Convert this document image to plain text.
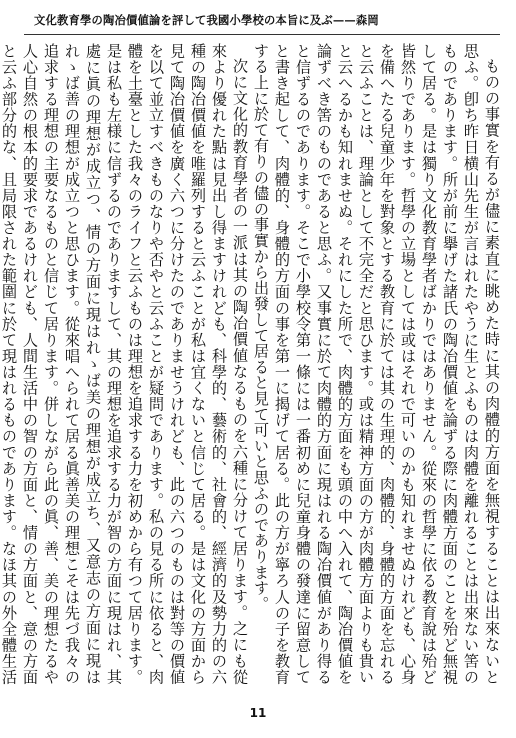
文化教育學の陶冶價値論を評して我國小學校の本旨に及ぶ——森岡

ものの事實を有るが儘に素直に眺めた時に其の肉體的方面を無視することは出來ないと思ふ。卽ち昨日横山先生が言はれたやうに生とふものは肉體を離れることは出來ない筈のものであります。所が前に擧げた諸氏の陶冶價値を論ずる際に肉體方面のことを殆ど無視して居る。是は獨り文化教育學者ばかりではありません。從來の哲學に依る教育說は殆ど皆然りであります。哲學の立場としては或はそれで可いのかも知れませぬけれども、心身を備へたる兒童少年を對象とする教育に於ては其の生理的、肉體的、身體的方面を忘れると云ふことは、理論として不完全だと思ひます。或は精神方面の方が肉體方面よりも貴いと云へるかも知れませぬ。それにした所で、肉體的方面をも頭の中へ入れて、陶冶價値を論ずべき筈のものであると思ふ。又事實に於て肉體的方面に現はれる陶冶價値があり得ると信ずるのであります。そこで小學校令第一條には一番初めに兒童身體の發達に留意してと書き起して、肉體的、身體的方面の事を第一に揭げて居る。此の方が寧ろ人の子を教育する上に於て有りの儘の事實から出發して居ると見て可いと思ふのであります。

次に文化的教育學者の一派は其の陶冶價値なるものを六種に分けて居ります。之にも從來より優れた點は見出し得ますけれども、科學的、藝術的、社會的、經濟的及勢力的の六種の陶冶價値を唯羅列すると云ふことが私は宜くないと信じて居る。是は文化の方面から見て陶冶價値を廣く六つに分けたのでありませうけれども、此の六つのものは對等の價値を以て並立すべきものなりや否やと云ふことが疑問であります。私の見る所に依ると、肉體を土臺とした我々のライフと云ふものは理想を追求する力を初めから有つて居ります。是は私も左様に信ずるのでありますして、其の理想を追求する力が智の方面に現はれ、其處に眞の理想が成立つ、情の方面に現はれゝば美の理想が成立ち、又意志の方面に現はれゝば善の理想が成立つと思ひます。從來唱へられて居る眞善美の理想こそは先づ我々の追求する理想の主要なるものと信じて居ります。併しながら此の眞、善、美の理想たるや人心自然の根本的要求であるけれども、人間生活中の智の方面と、情の方面と、意の方面と云ふ部分的な、且局限された範圍に於て現はれるものであります。なほ其の外全體生活

11
